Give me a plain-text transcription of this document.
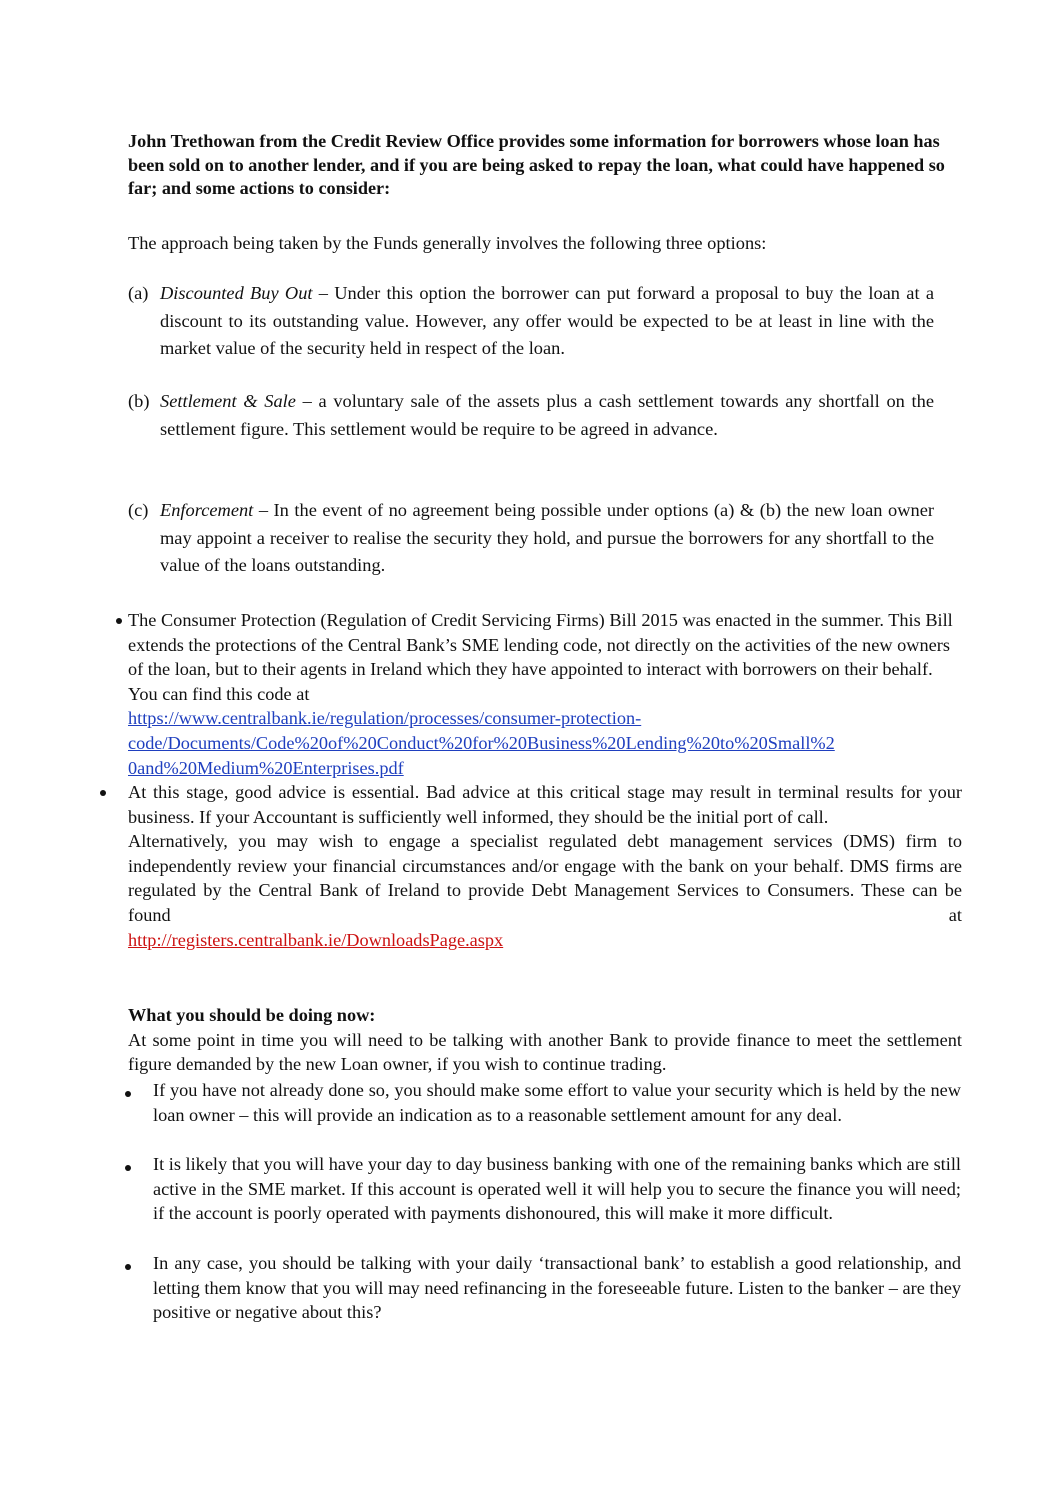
John Trethowan from the Credit Review Office provides some information for borrowers whose loan has been sold on to another lender, and if you are being asked to repay the loan, what could have happened so far; and some actions to consider:
The approach being taken by the Funds generally involves the following three options:
(a) Discounted Buy Out – Under this option the borrower can put forward a proposal to buy the loan at a discount to its outstanding value. However, any offer would be expected to be at least in line with the market value of the security held in respect of the loan.
(b) Settlement & Sale – a voluntary sale of the assets plus a cash settlement towards any shortfall on the settlement figure. This settlement would be require to be agreed in advance.
(c) Enforcement – In the event of no agreement being possible under options (a) & (b) the new loan owner may appoint a receiver to realise the security they hold, and pursue the borrowers for any shortfall to the value of the loans outstanding.
The Consumer Protection (Regulation of Credit Servicing Firms) Bill 2015 was enacted in the summer. This Bill extends the protections of the Central Bank’s SME lending code, not directly on the activities of the new owners of the loan, but to their agents in Ireland which they have appointed to interact with borrowers on their behalf. You can find this code at
https://www.centralbank.ie/regulation/processes/consumer-protection-
code/Documents/Code%20of%20Conduct%20for%20Business%20Lending%20to%20Small%2
0and%20Medium%20Enterprises.pdf
At this stage, good advice is essential. Bad advice at this critical stage may result in terminal results for your business. If your Accountant is sufficiently well informed, they should be the initial port of call.
Alternatively, you may wish to engage a specialist regulated debt management services (DMS) firm to independently review your financial circumstances and/or engage with the bank on your behalf. DMS firms are regulated by the Central Bank of Ireland to provide Debt Management Services to Consumers. These can be found at
http://registers.centralbank.ie/DownloadsPage.aspx
What you should be doing now:
At some point in time you will need to be talking with another Bank to provide finance to meet the settlement figure demanded by the new Loan owner, if you wish to continue trading.
If you have not already done so, you should make some effort to value your security which is held by the new loan owner – this will provide an indication as to a reasonable settlement amount for any deal.
It is likely that you will have your day to day business banking with one of the remaining banks which are still active in the SME market. If this account is operated well it will help you to secure the finance you will need; if the account is poorly operated with payments dishonoured, this will make it more difficult.
In any case, you should be talking with your daily ‘transactional bank’ to establish a good relationship, and letting them know that you will may need refinancing in the foreseeable future. Listen to the banker – are they positive or negative about this?
